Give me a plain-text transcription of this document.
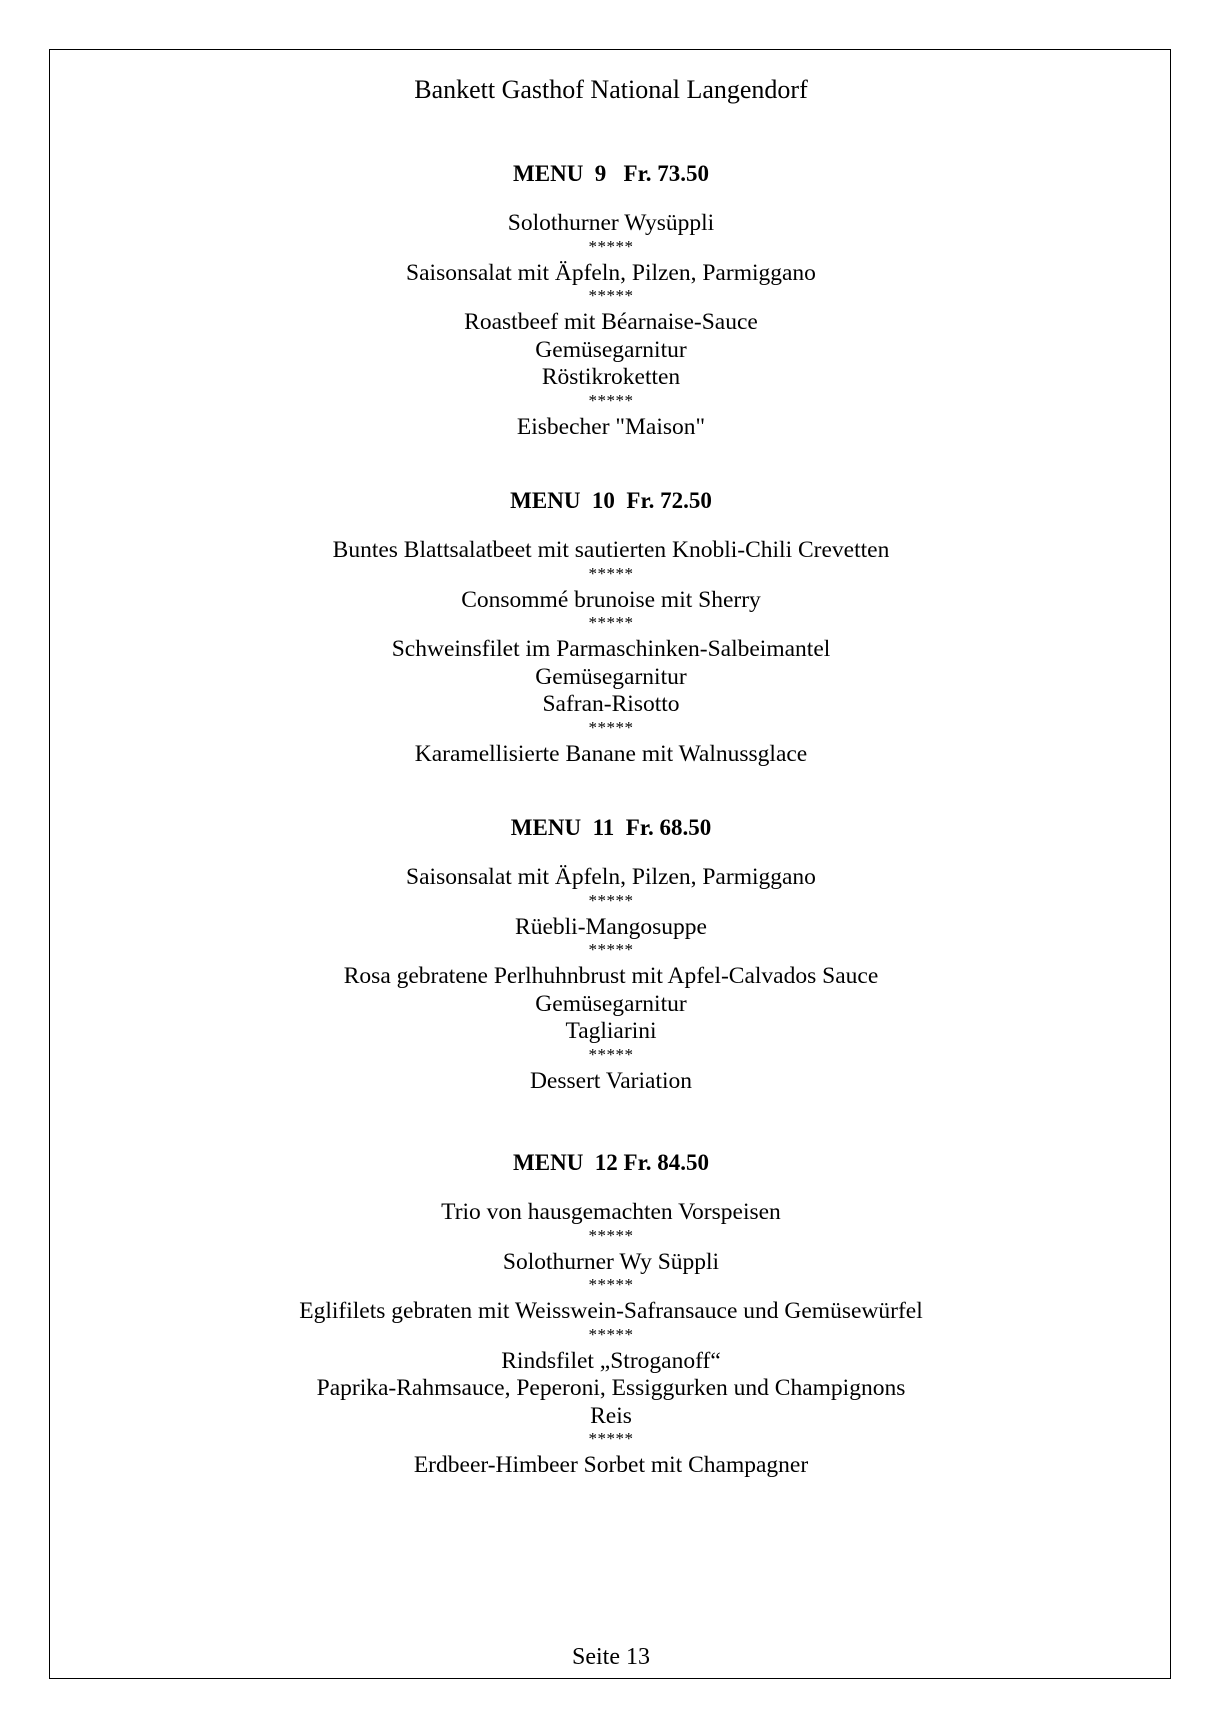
Bankett Gasthof National Langendorf
MENU  9   Fr. 73.50
Solothurner Wysüppli
*****
Saisonsalat mit Äpfeln, Pilzen, Parmiggano
*****
Roastbeef mit Béarnaise-Sauce
Gemüsegarnitur
Röstikroketten
*****
Eisbecher "Maison"
MENU  10  Fr. 72.50
Buntes Blattsalatbeet mit sautierten Knobli-Chili Crevetten
*****
Consommé brunoise mit Sherry
*****
Schweinsfilet im Parmaschinken-Salbeimantel
Gemüsegarnitur
Safran-Risotto
*****
Karamellisierte Banane mit Walnussglace
MENU  11  Fr. 68.50
Saisonsalat mit Äpfeln, Pilzen, Parmiggano
*****
Rüebli-Mangosuppe
*****
Rosa gebratene Perlhuhnbrust mit Apfel-Calvados Sauce
Gemüsegarnitur
Tagliarini
*****
Dessert Variation
MENU  12 Fr. 84.50
Trio von hausgemachten Vorspeisen
*****
Solothurner Wy Süppli
*****
Eglifilets gebraten mit Weisswein-Safransauce und Gemüsewürfel
*****
Rindsfilet „Stroganoff“
Paprika-Rahmsauce, Peperoni, Essiggurken und Champignons
Reis
*****
Erdbeer-Himbeer Sorbet mit Champagner
Seite 13
